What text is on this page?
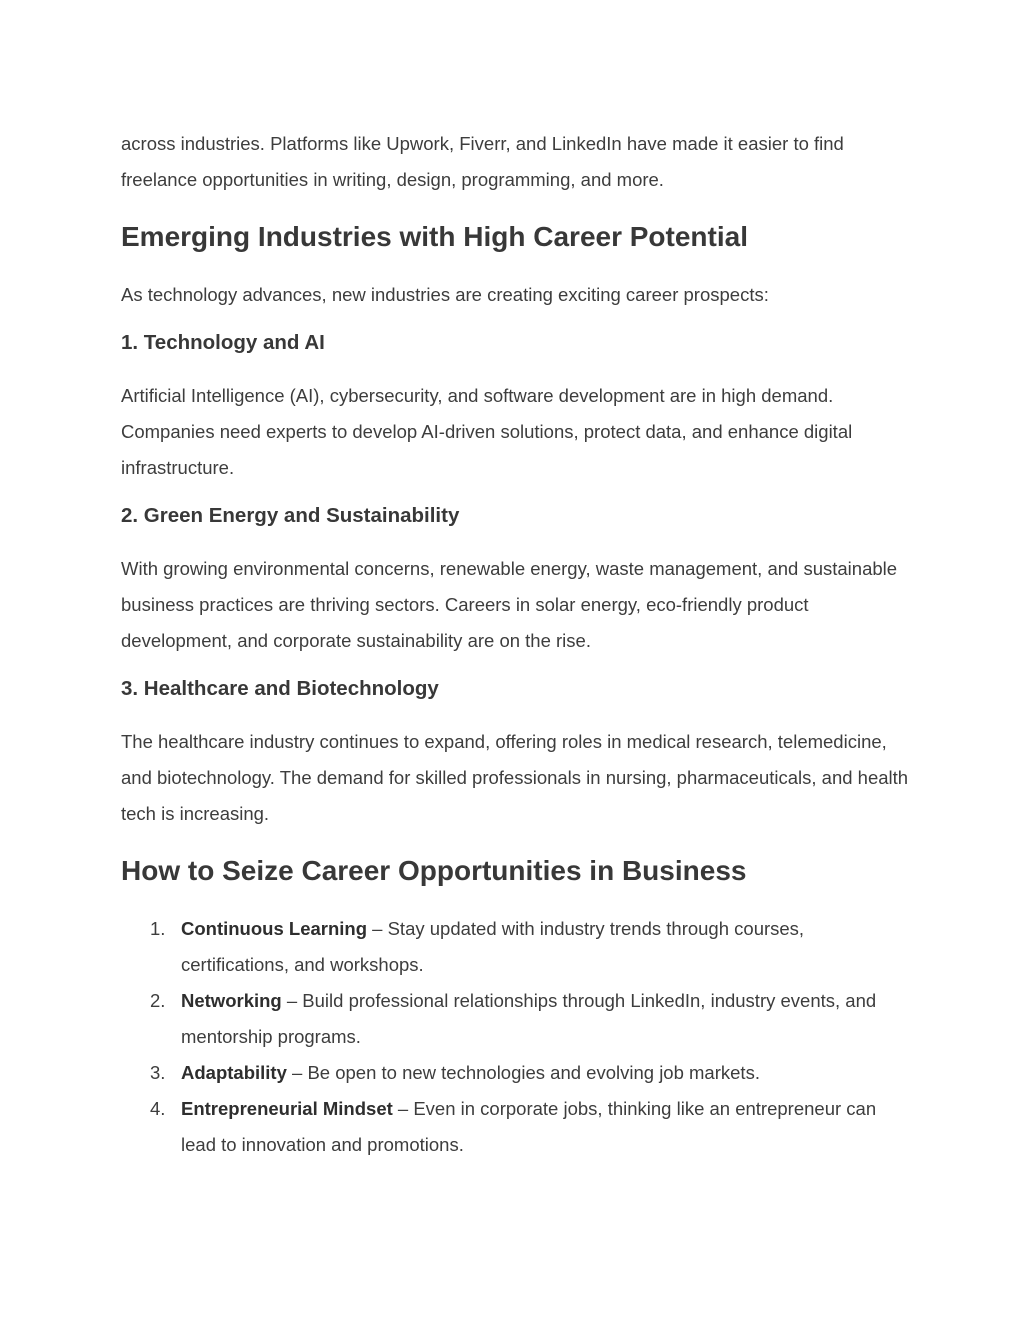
across industries. Platforms like Upwork, Fiverr, and LinkedIn have made it easier to find freelance opportunities in writing, design, programming, and more.

Emerging Industries with High Career Potential

As technology advances, new industries are creating exciting career prospects:

1. Technology and AI

Artificial Intelligence (AI), cybersecurity, and software development are in high demand. Companies need experts to develop AI-driven solutions, protect data, and enhance digital infrastructure.

2. Green Energy and Sustainability

With growing environmental concerns, renewable energy, waste management, and sustainable business practices are thriving sectors. Careers in solar energy, eco-friendly product development, and corporate sustainability are on the rise.

3. Healthcare and Biotechnology

The healthcare industry continues to expand, offering roles in medical research, telemedicine, and biotechnology. The demand for skilled professionals in nursing, pharmaceuticals, and health tech is increasing.

How to Seize Career Opportunities in Business
1. Continuous Learning – Stay updated with industry trends through courses, certifications, and workshops.
2. Networking – Build professional relationships through LinkedIn, industry events, and mentorship programs.
3. Adaptability – Be open to new technologies and evolving job markets.
4. Entrepreneurial Mindset – Even in corporate jobs, thinking like an entrepreneur can lead to innovation and promotions.
